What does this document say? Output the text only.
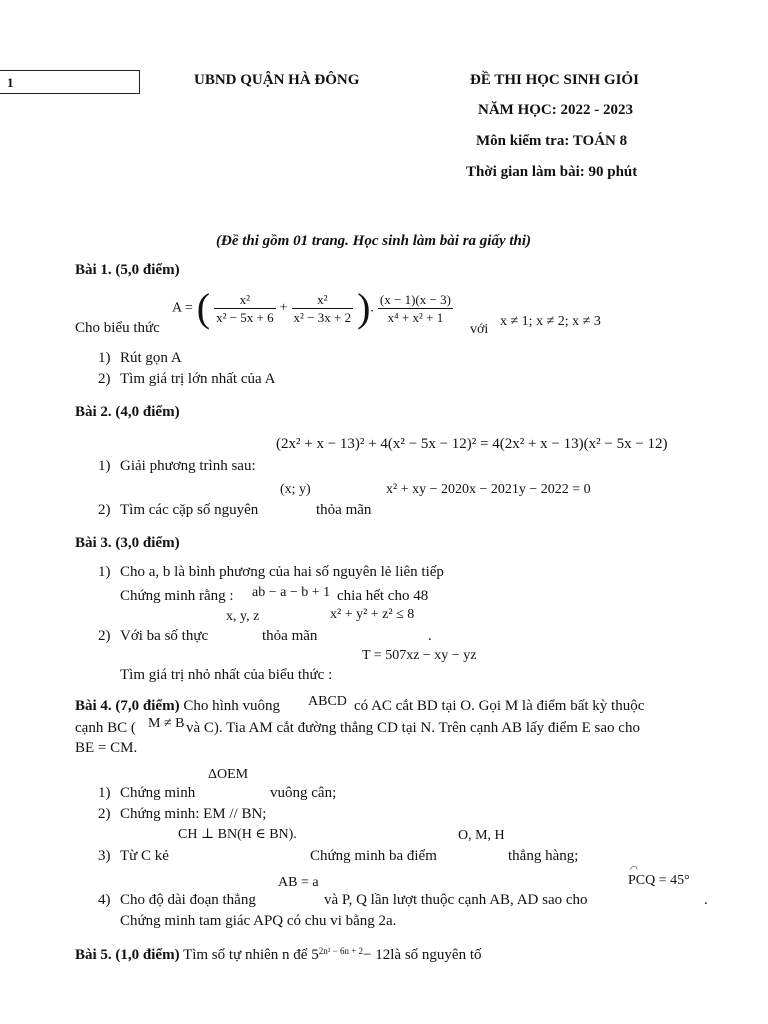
1	UBND QUẬN HÀ ĐÔNG	ĐỀ THI HỌC SINH GIỎI
NĂM HỌC: 2022 - 2023
Môn kiểm tra: TOÁN 8
Thời gian làm bài: 90 phút
(Đề thi gồm 01 trang. Học sinh làm bài ra giấy thi)
Bài 1. (5,0 điểm)
A = ( $\frac{\text{x²}}{\text{x² − 5x + 6}} + \frac{\text{x²}}{\text{x² − 3x + 2}}$ ). $\frac{(x - 1)(x - 3)}{\text{x⁴ + x² + 1}}$
Cho biểu thức	với
x ≠ 1; x ≠ 2; x ≠ 3
1) Rút gọn A
2) Tìm giá trị lớn nhất của A
Bài 2. (4,0 điểm)
(2x² + x − 13)² + 4(x² − 5x − 12)² = 4(2x² + x − 13)(x² − 5x − 12)
1) Giải phương trình sau:
(x; y)	x² + xy − 2020x − 2021y − 2022 = 0
2) Tìm các cặp số nguyên	thỏa mãn
Bài 3. (3,0 điểm)
1) Cho a, b là bình phương của hai số nguyên lẻ liên tiếp
Chứng minh rằng : ab − a − b + 1 chia hết cho 48
x, y, z	x² + y² + z² ≤ 8
2) Với ba số thực	thỏa mãn	.
T = 507xz − xy − yz
Tìm giá trị nhỏ nhất của biểu thức :
Bài 4. (7,0 điểm) Cho hình vuông ABCD có AC cắt BD tại O. Gọi M là điểm bất kỳ thuộc
cạnh BC ( M ≠ B và C). Tia AM cắt đường thẳng CD tại N. Trên cạnh AB lấy điểm E sao cho
BE = CM.
ΔOEM
1) Chứng minh	vuông cân;
2) Chứng minh: EM // BN;
CH ⊥ BN(H ∈ BN).	O, M, H
3) Từ C kẻ	Chứng minh ba điểm	thẳng hàng;
AB = a
◠
PCQ = 45°
4) Cho độ dài đoạn thẳng	và P, Q lần lượt thuộc cạnh AB, AD sao cho	.
Chứng minh tam giác APQ có chu vi bằng 2a.
Bài 5. (1,0 điểm) Tìm số tự nhiên n để $5^{2n^2 - 6n + 2}-$ 12là số nguyên tố
